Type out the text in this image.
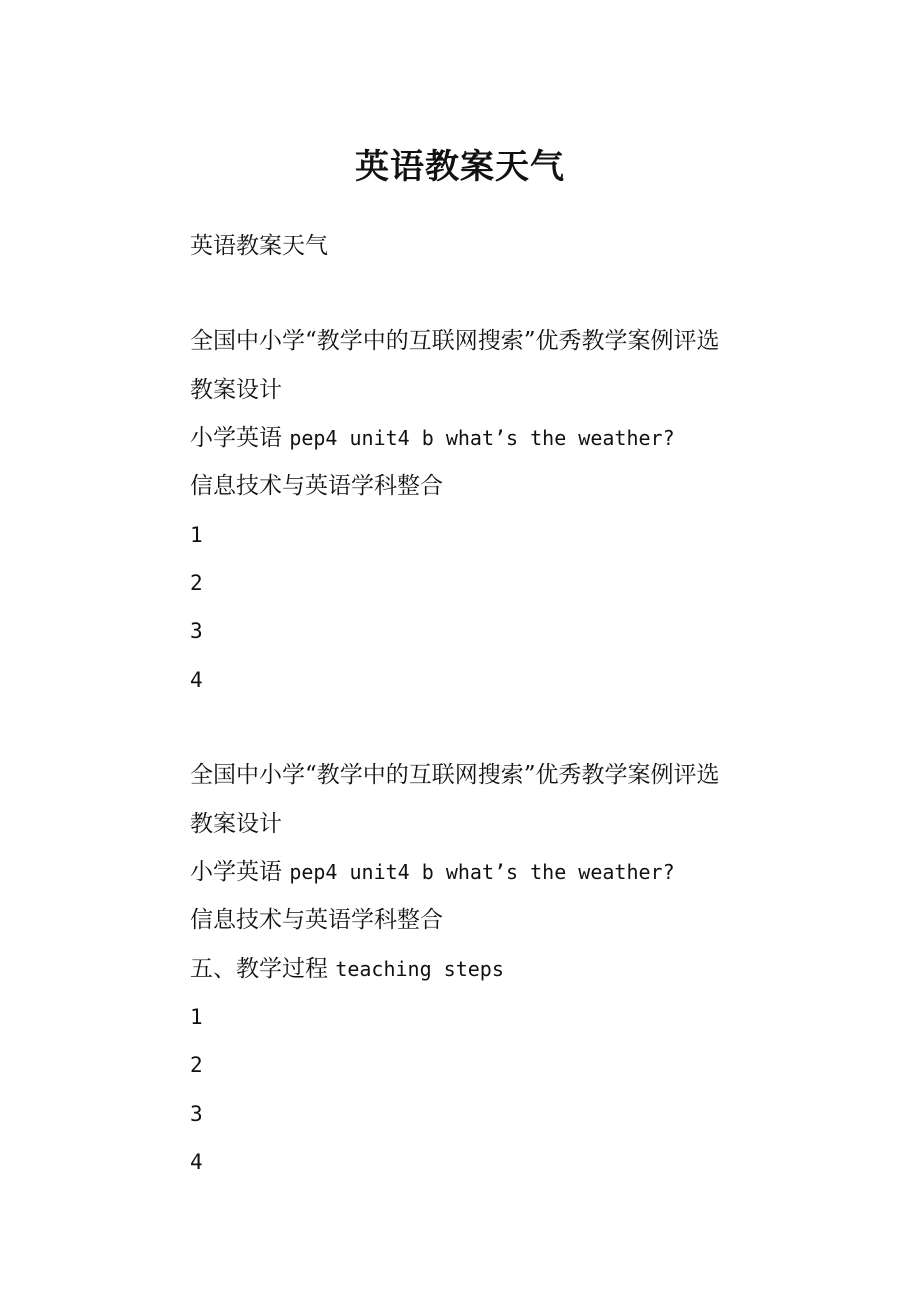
英语教案天气
英语教案天气
全国中小学“教学中的互联网搜索”优秀教学案例评选
教案设计
小学英语 pep4 unit4 b what’s the weather?
信息技术与英语学科整合
1
2
3
4
全国中小学“教学中的互联网搜索”优秀教学案例评选
教案设计
小学英语 pep4 unit4 b what’s the weather?
信息技术与英语学科整合
五、教学过程 teaching steps
1
2
3
4
